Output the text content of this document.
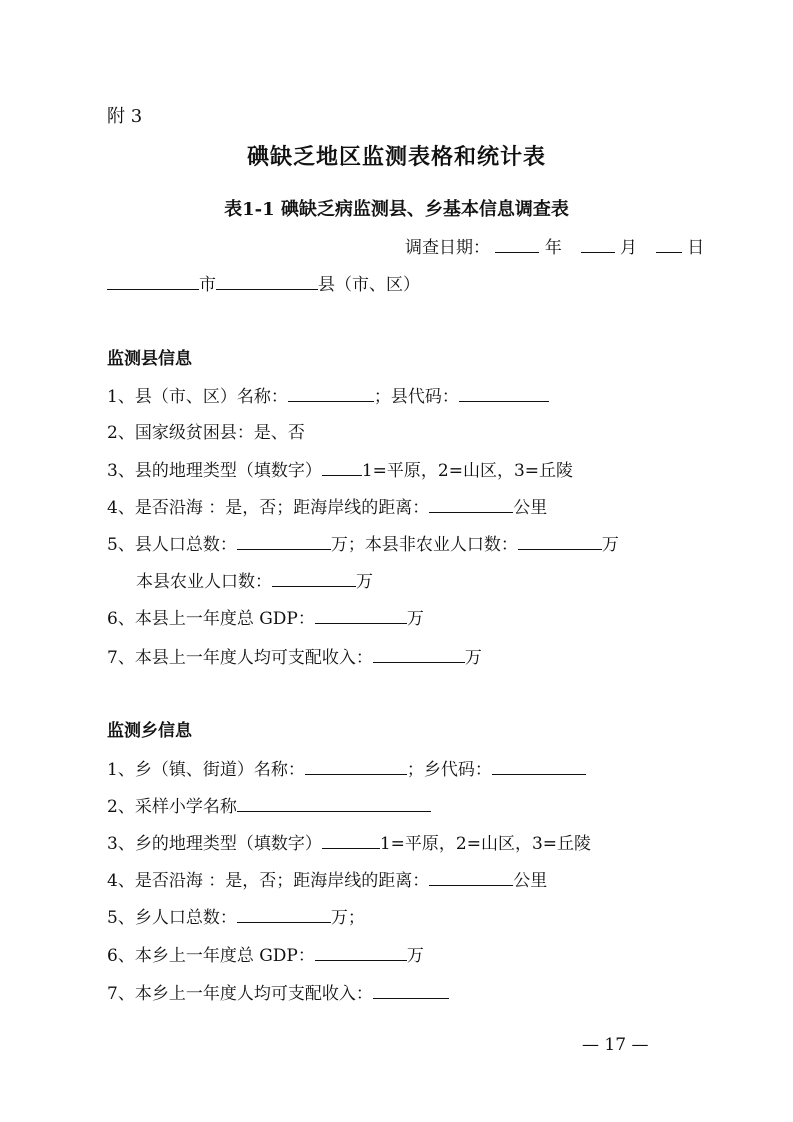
附 3
碘缺乏地区监测表格和统计表
表1-1 碘缺乏病监测县、乡基本信息调查表
调查日期：	年	月	日
市	县（市、区）
监测县信息
1、县（市、区）名称：	；县代码：
2、国家级贫困县：是、否
3、县的地理类型（填数字） 1=平原，2=山区，3=丘陵
4、是否沿海 ：是，否；距海岸线的距离：	公里
5、县人口总数：	万；本县非农业人口数：	万
本县农业人口数：	万
6、本县上一年度总 GDP：	万
7、本县上一年度人均可支配收入：	万
监测乡信息
1、乡（镇、街道）名称：	；乡代码：
2、采样小学名称
3、乡的地理类型（填数字）	1=平原，2=山区，3=丘陵
4、是否沿海 ：是，否；距海岸线的距离：	公里
5、乡人口总数：	万；
6、本乡上一年度总 GDP：	万
7、本乡上一年度人均可支配收入：
— 17 —
